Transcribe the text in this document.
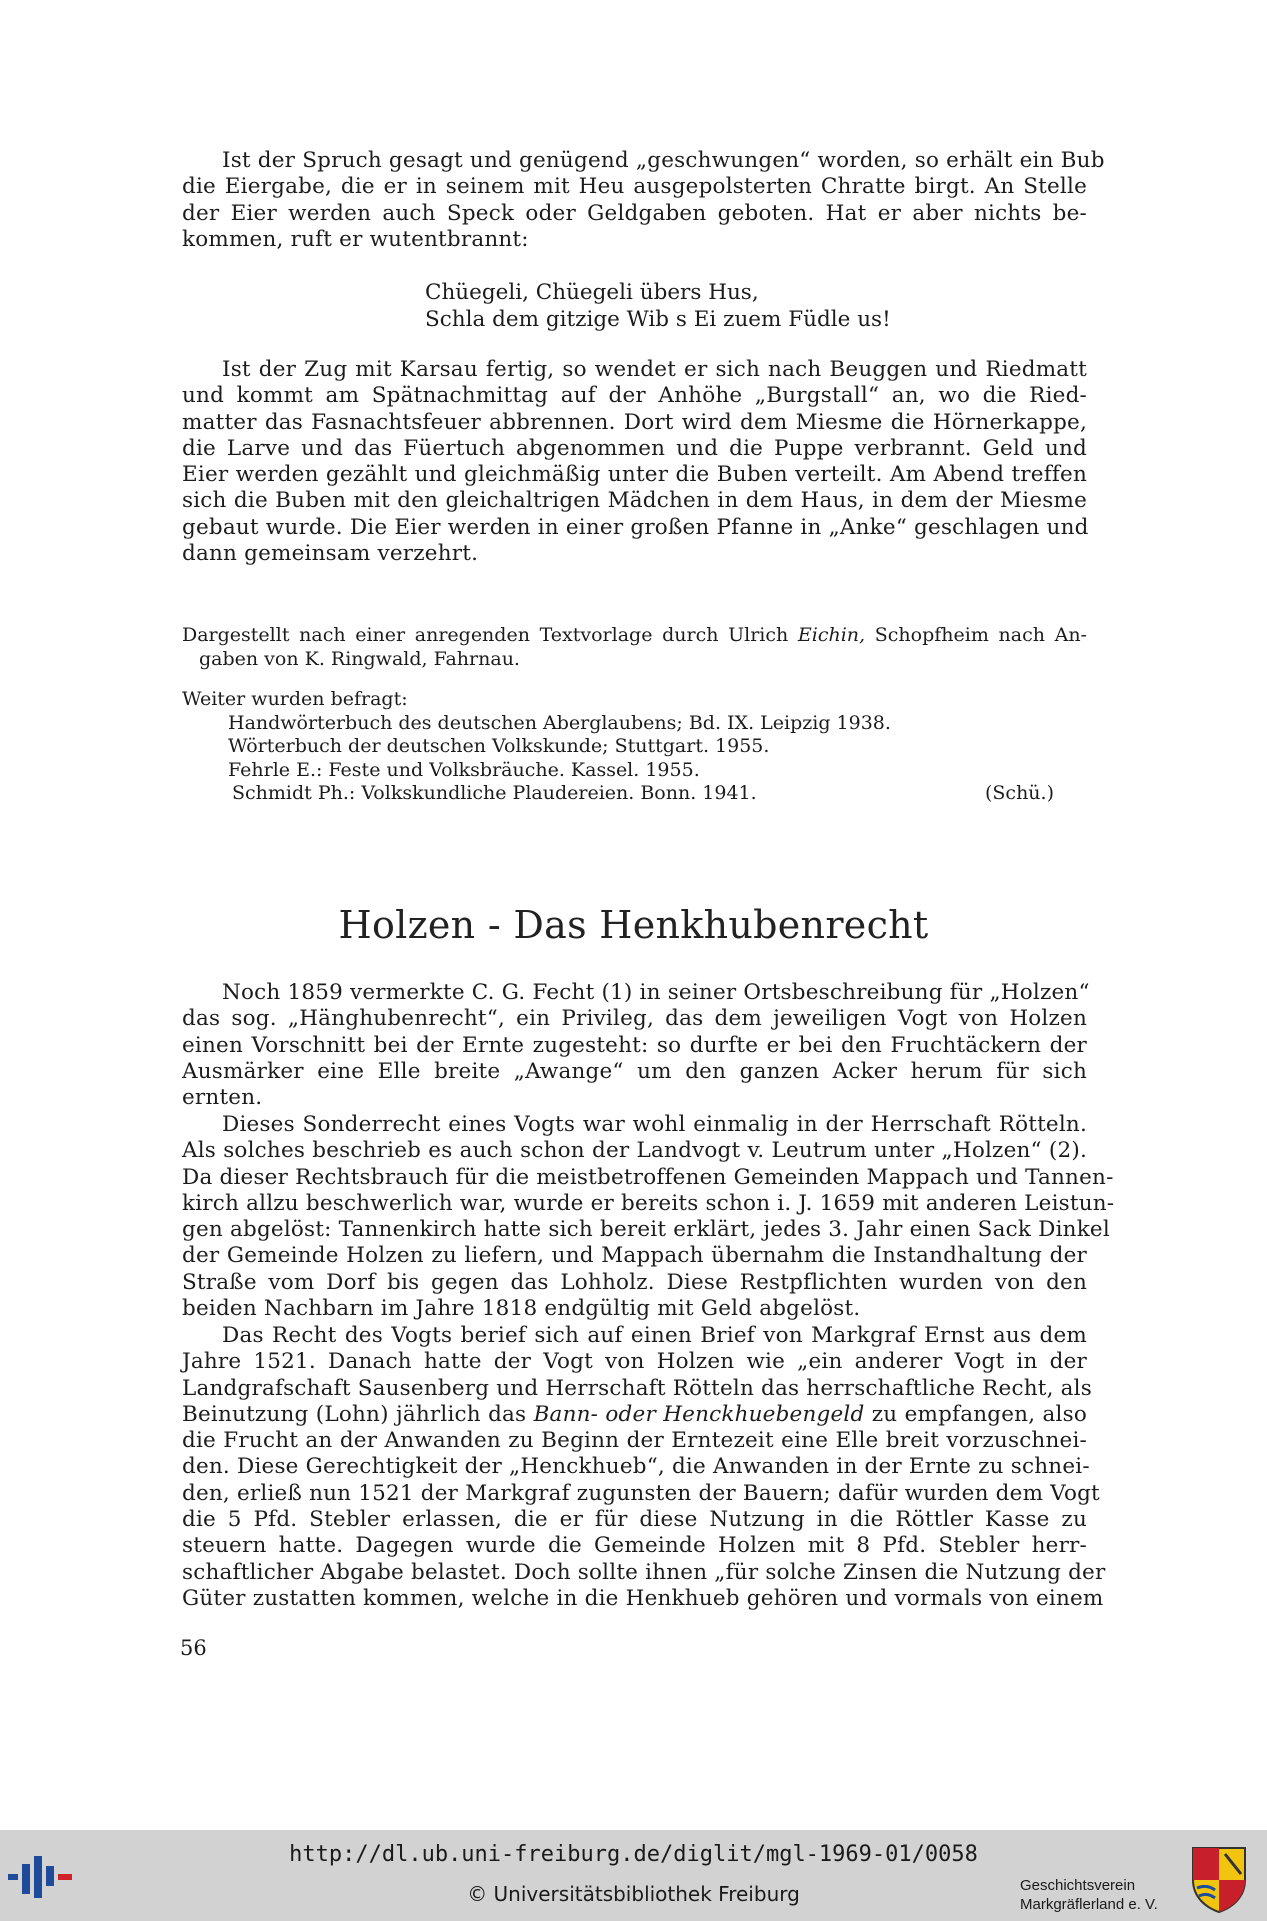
Ist der Spruch gesagt und genügend „geschwungen“ worden, so erhält ein Bub
die Eiergabe, die er in seinem mit Heu ausgepolsterten Chratte birgt. An Stelle
der Eier werden auch Speck oder Geldgaben geboten. Hat er aber nichts be-
kommen, ruft er wutentbrannt:
Chüegeli, Chüegeli übers Hus,
Schla dem gitzige Wib s Ei zuem Füdle us!
Ist der Zug mit Karsau fertig, so wendet er sich nach Beuggen und Riedmatt
und kommt am Spätnachmittag auf der Anhöhe „Burgstall“ an, wo die Ried-
matter das Fasnachtsfeuer abbrennen. Dort wird dem Miesme die Hörnerkappe,
die Larve und das Füertuch abgenommen und die Puppe verbrannt. Geld und
Eier werden gezählt und gleichmäßig unter die Buben verteilt. Am Abend treffen
sich die Buben mit den gleichaltrigen Mädchen in dem Haus, in dem der Miesme
gebaut wurde. Die Eier werden in einer großen Pfanne in „Anke“ geschlagen und
dann gemeinsam verzehrt.
Dargestellt nach einer anregenden Textvorlage durch Ulrich Eichin, Schopfheim nach An-
gaben von K. Ringwald, Fahrnau.
Weiter wurden befragt:
Handwörterbuch des deutschen Aberglaubens; Bd. IX. Leipzig 1938.
Wörterbuch der deutschen Volkskunde; Stuttgart. 1955.
Fehrle E.: Feste und Volksbräuche. Kassel. 1955.
Schmidt Ph.: Volkskundliche Plaudereien. Bonn. 1941.	(Schü.)
Holzen - Das Henkhubenrecht
Noch 1859 vermerkte C. G. Fecht (1) in seiner Ortsbeschreibung für „Holzen“
das sog. „Hänghubenrecht“, ein Privileg, das dem jeweiligen Vogt von Holzen
einen Vorschnitt bei der Ernte zugesteht: so durfte er bei den Fruchtäckern der
Ausmärker eine Elle breite „Awange“ um den ganzen Acker herum für sich
ernten.
Dieses Sonderrecht eines Vogts war wohl einmalig in der Herrschaft Rötteln.
Als solches beschrieb es auch schon der Landvogt v. Leutrum unter „Holzen“ (2).
Da dieser Rechtsbrauch für die meistbetroffenen Gemeinden Mappach und Tannen-
kirch allzu beschwerlich war, wurde er bereits schon i. J. 1659 mit anderen Leistun-
gen abgelöst: Tannenkirch hatte sich bereit erklärt, jedes 3. Jahr einen Sack Dinkel
der Gemeinde Holzen zu liefern, und Mappach übernahm die Instandhaltung der
Straße vom Dorf bis gegen das Lohholz. Diese Restpflichten wurden von den
beiden Nachbarn im Jahre 1818 endgültig mit Geld abgelöst.
Das Recht des Vogts berief sich auf einen Brief von Markgraf Ernst aus dem
Jahre 1521. Danach hatte der Vogt von Holzen wie „ein anderer Vogt in der
Landgrafschaft Sausenberg und Herrschaft Rötteln das herrschaftliche Recht, als
Beinutzung (Lohn) jährlich das Bann- oder Henckhuebengeld zu empfangen, also
die Frucht an der Anwanden zu Beginn der Erntezeit eine Elle breit vorzuschnei-
den. Diese Gerechtigkeit der „Henckhueb“, die Anwanden in der Ernte zu schnei-
den, erließ nun 1521 der Markgraf zugunsten der Bauern; dafür wurden dem Vogt
die 5 Pfd. Stebler erlassen, die er für diese Nutzung in die Röttler Kasse zu
steuern hatte. Dagegen wurde die Gemeinde Holzen mit 8 Pfd. Stebler herr-
schaftlicher Abgabe belastet. Doch sollte ihnen „für solche Zinsen die Nutzung der
Güter zustatten kommen, welche in die Henkhueb gehören und vormals von einem
56
http://dl.ub.uni-freiburg.de/diglit/mgl-1969-01/0058
© Universitätsbibliothek Freiburg	Geschichtsverein
Markgräflerland e. V.
